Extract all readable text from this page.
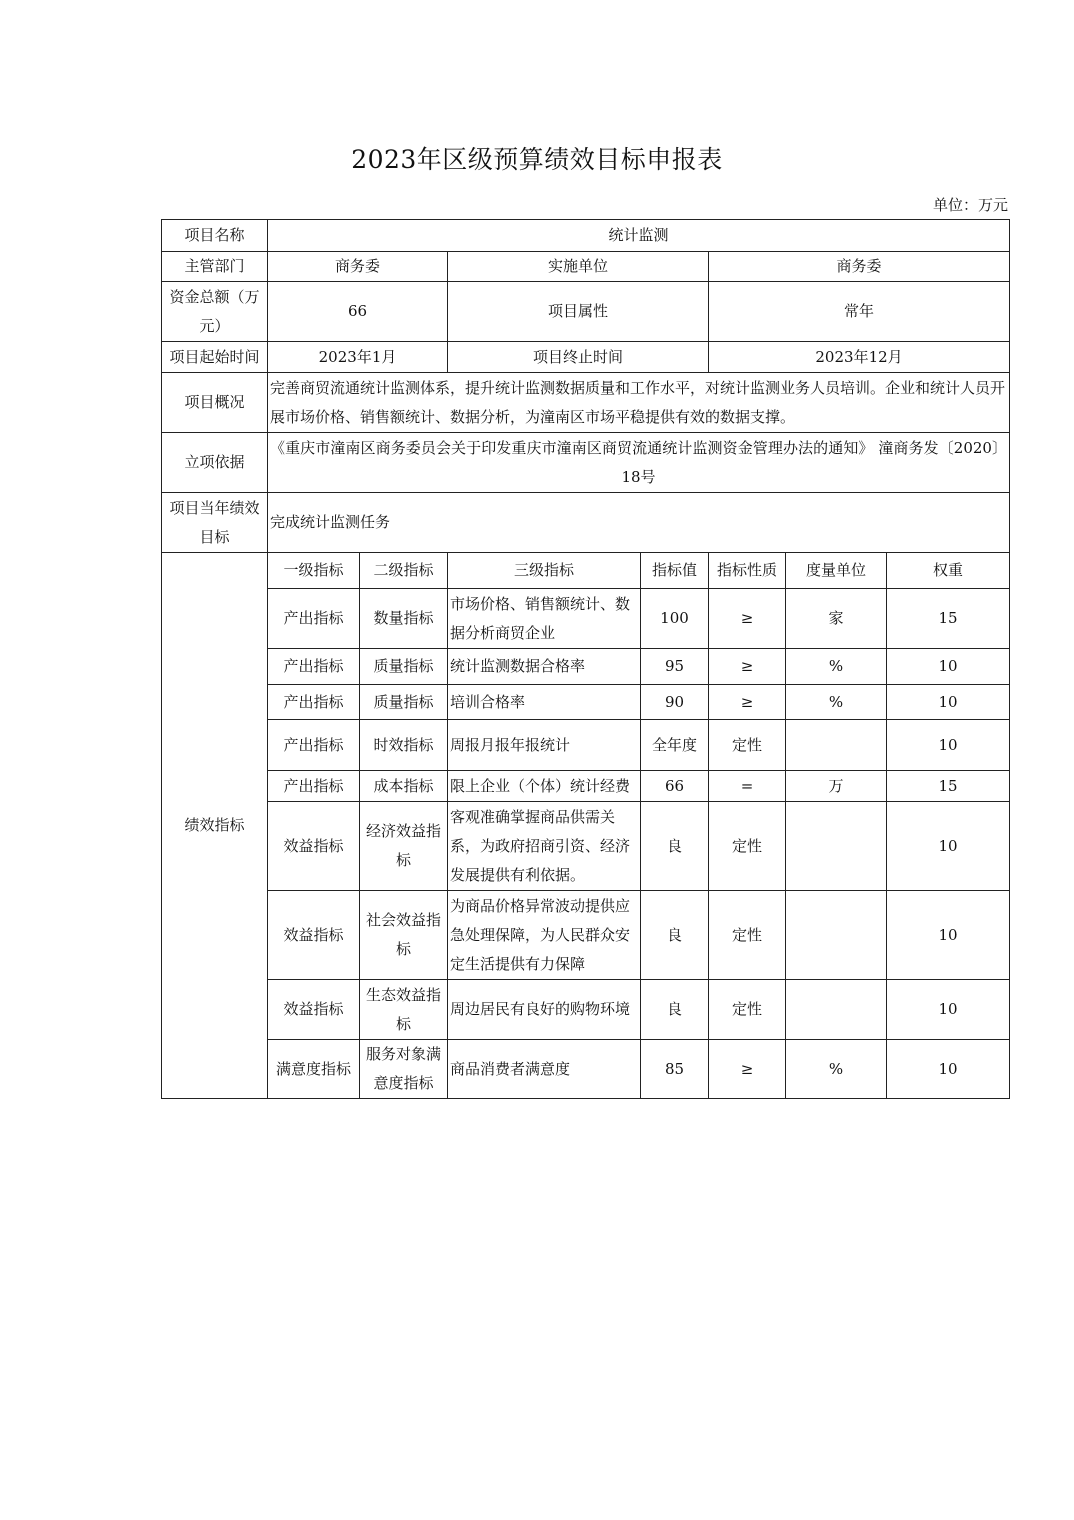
2023年区级预算绩效目标申报表
单位：万元
项目名称	统计监测						
主管部门	商务委		实施单位		商务委		
资金总额（万元）	66		项目属性		常年		
项目起始时间	2023年1月		项目终止时间		2023年12月		
项目概况	完善商贸流通统计监测体系，提升统计监测数据质量和工作水平，对统计监测业务人员培训。企业和统计人员开展市场价格、销售额统计、数据分析，为潼南区市场平稳提供有效的数据支撑。						
立项依据	《重庆市潼南区商务委员会关于印发重庆市潼南区商贸流通统计监测资金管理办法的通知》 潼商务发〔2020〕18号						
项目当年绩效目标	完成统计监测任务						
绩效指标	一级指标	二级指标	三级指标	指标值	指标性质	度量单位	权重
	产出指标	数量指标	市场价格、销售额统计、数据分析商贸企业	100	≥	家	15
	产出指标	质量指标	统计监测数据合格率	95	≥	%	10
	产出指标	质量指标	培训合格率	90	≥	%	10
	产出指标	时效指标	周报月报年报统计	全年度	定性		10
	产出指标	成本指标	限上企业（个体）统计经费	66	=	万	15
	效益指标	经济效益指标	客观准确掌握商品供需关系，为政府招商引资、经济发展提供有利依据。	良	定性		10
	效益指标	社会效益指标	为商品价格异常波动提供应急处理保障，为人民群众安定生活提供有力保障	良	定性		10
	效益指标	生态效益指标	周边居民有良好的购物环境	良	定性		10
	满意度指标	服务对象满意度指标	商品消费者满意度	85	≥	%	10
